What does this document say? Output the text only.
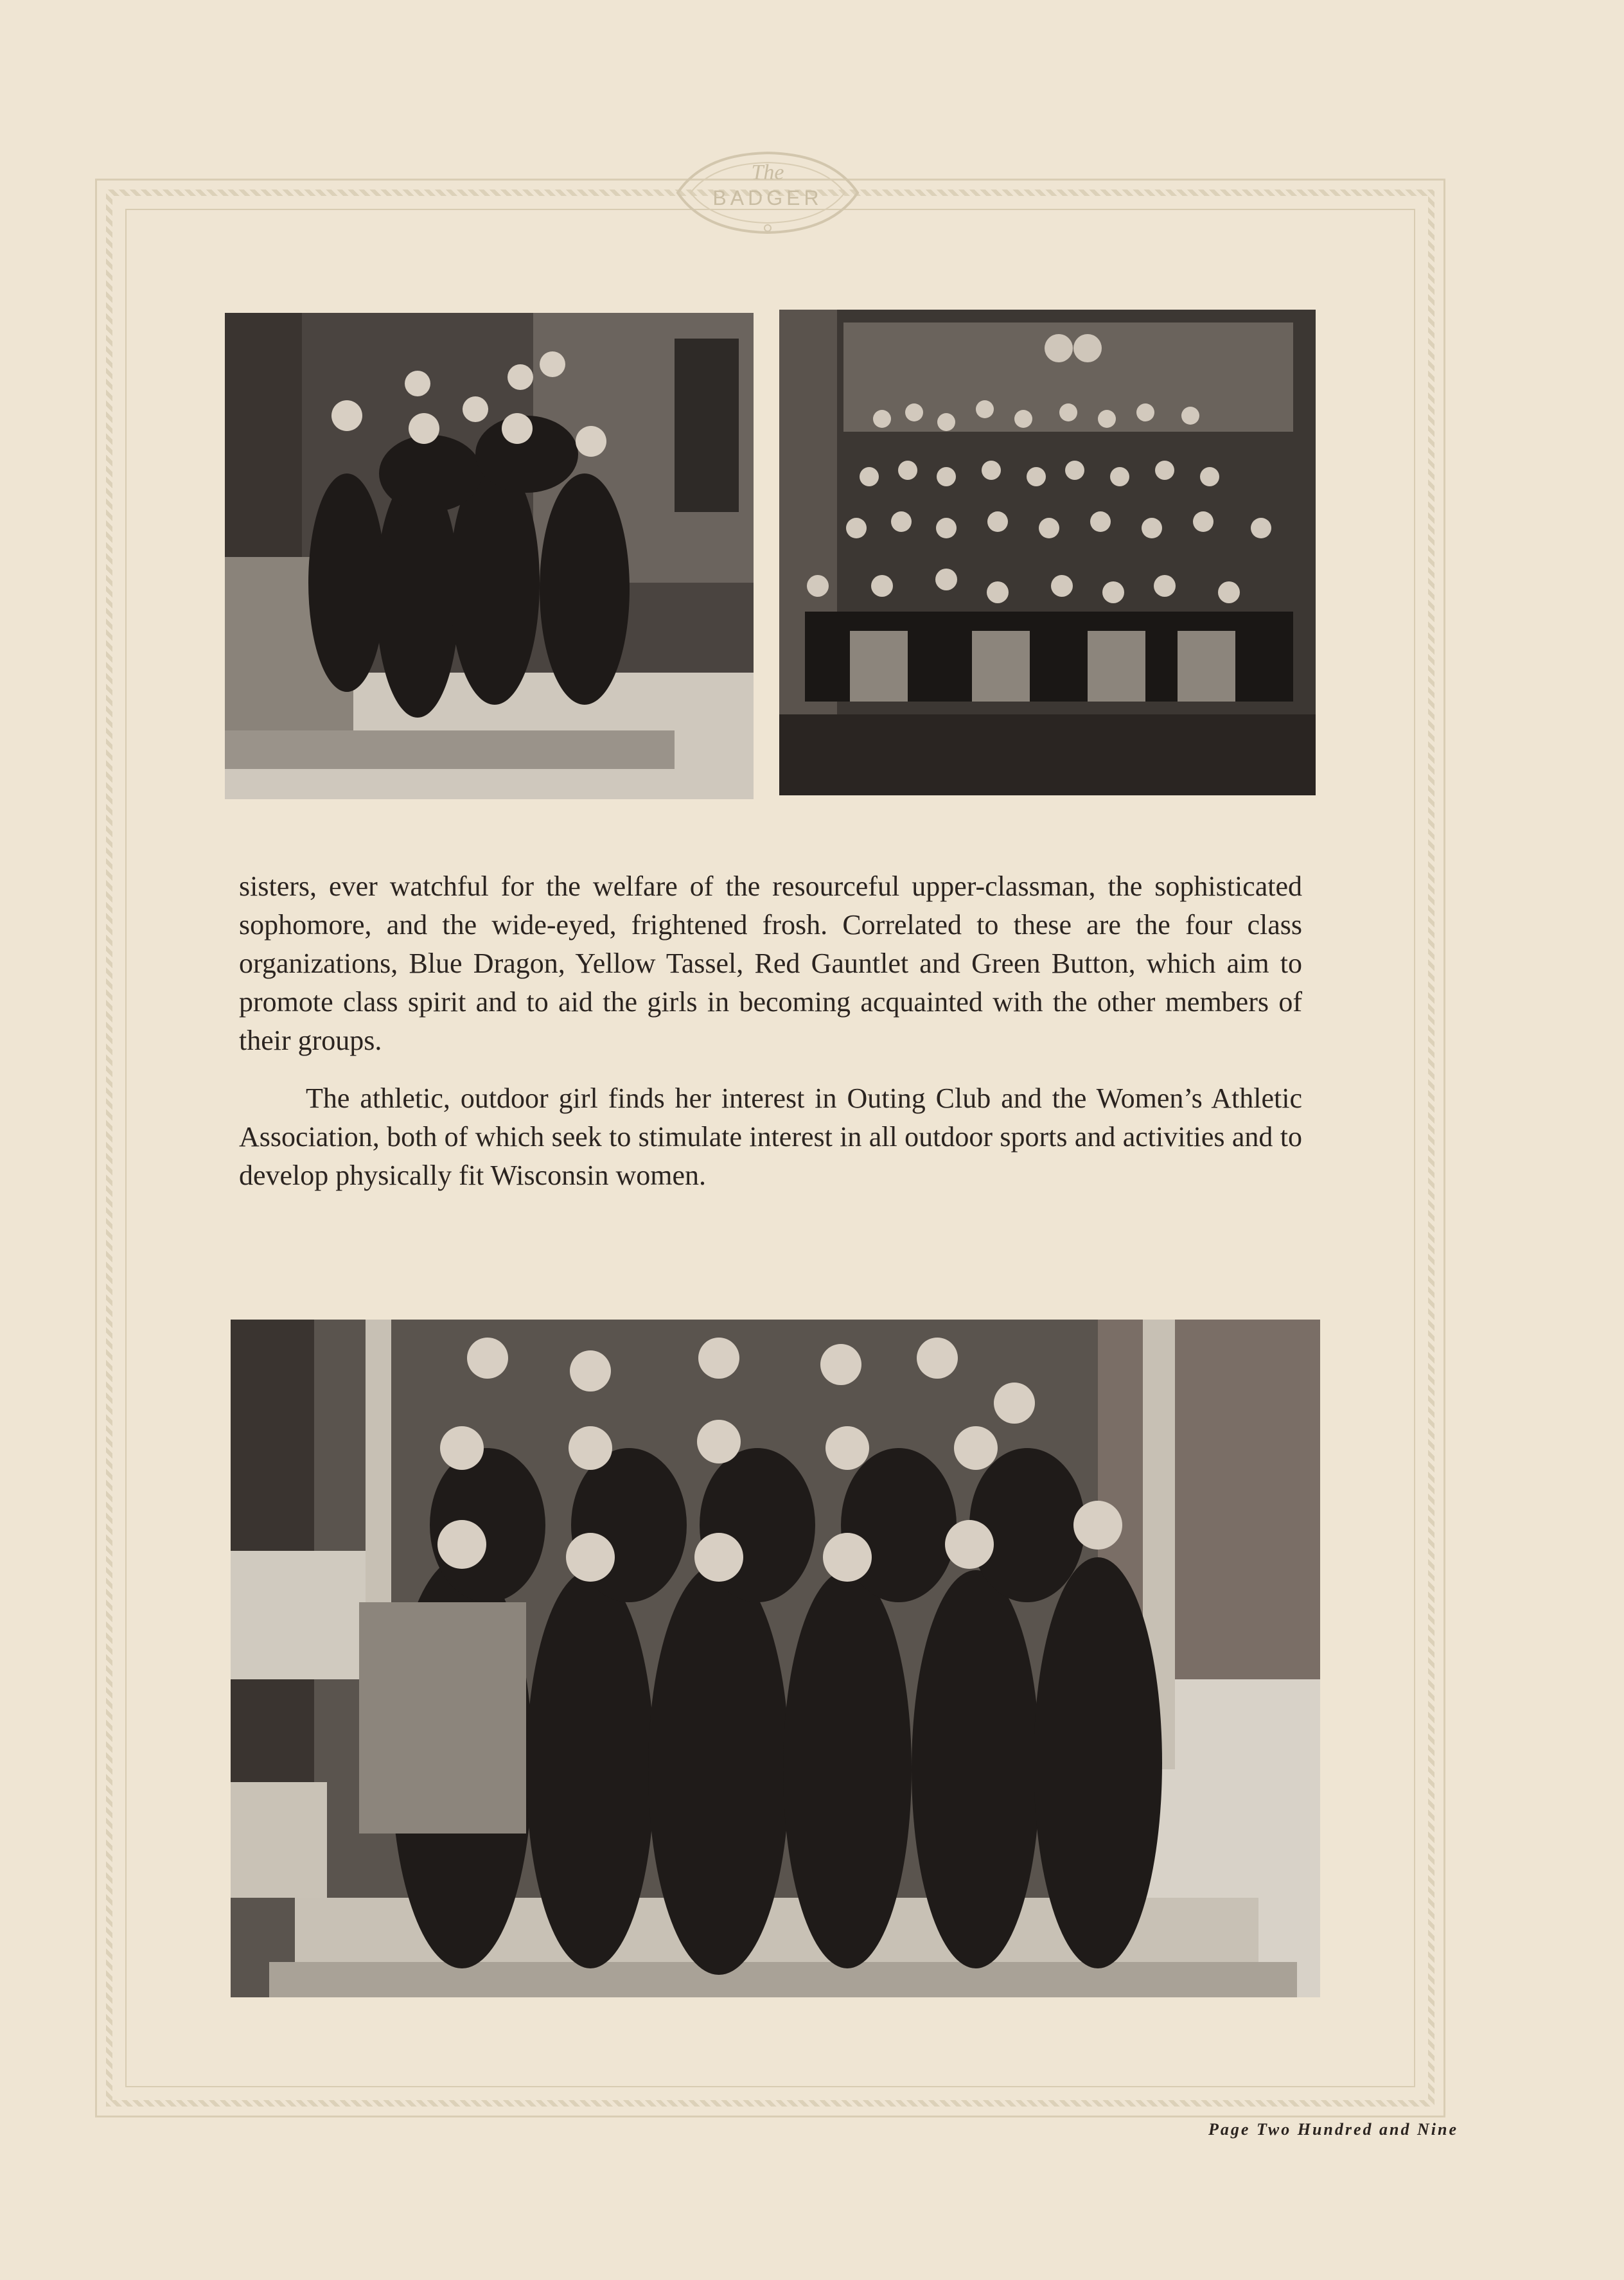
The
BADGER

sisters, ever watchful for the welfare of the resourceful upper-classman, the sophisticated sophomore, and the wide-eyed, frightened frosh. Correlated to these are the four class organizations, Blue Dragon, Yellow Tassel, Red Gauntlet and Green Button, which aim to promote class spirit and to aid the girls in becoming acquainted with the other members of their groups.

The athletic, outdoor girl finds her interest in Outing Club and the Women’s Athletic Association, both of which seek to stimulate interest in all outdoor sports and activities and to develop physically fit Wisconsin women.

Page Two Hundred and Nine
